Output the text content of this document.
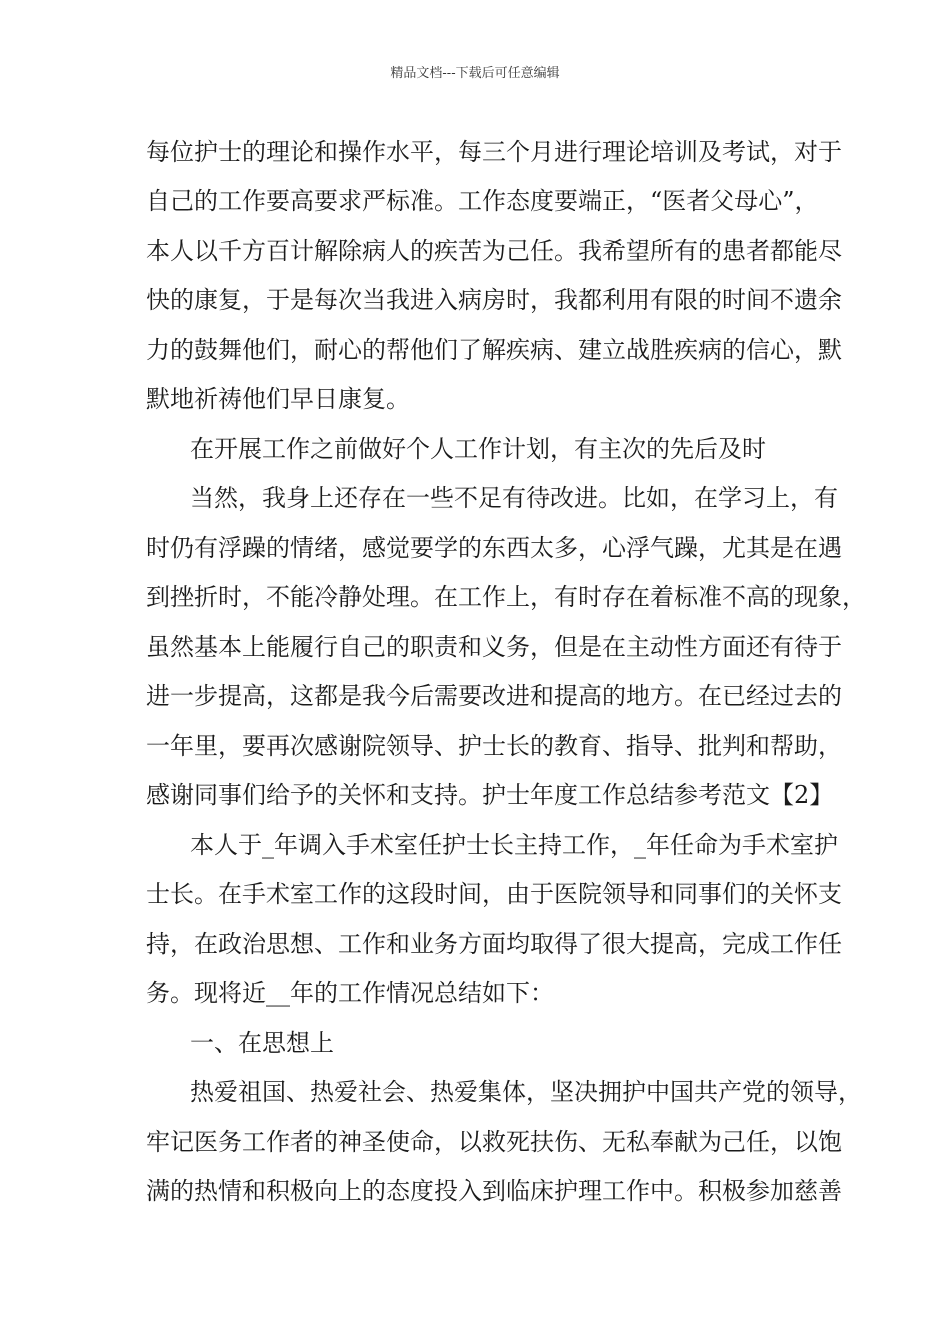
精品文档---下载后可任意编辑
每位护士的理论和操作水平，每三个月进行理论培训及考试，对于
自己的工作要高要求严标准。工作态度要端正，“医者父母心”，
本人以千方百计解除病人的疾苦为己任。我希望所有的患者都能尽
快的康复，于是每次当我进入病房时，我都利用有限的时间不遗余
力的鼓舞他们，耐心的帮他们了解疾病、建立战胜疾病的信心，默
默地祈祷他们早日康复。
在开展工作之前做好个人工作计划，有主次的先后及时
当然，我身上还存在一些不足有待改进。比如，在学习上，有
时仍有浮躁的情绪，感觉要学的东西太多，心浮气躁，尤其是在遇
到挫折时，不能冷静处理。在工作上，有时存在着标准不高的现象，
虽然基本上能履行自己的职责和义务，但是在主动性方面还有待于
进一步提高，这都是我今后需要改进和提高的地方。在已经过去的
一年里，要再次感谢院领导、护士长的教育、指导、批判和帮助，
感谢同事们给予的关怀和支持。护士年度工作总结参考范文【2】
本人于_年调入手术室任护士长主持工作，_年任命为手术室护
士长。在手术室工作的这段时间，由于医院领导和同事们的关怀支
持，在政治思想、工作和业务方面均取得了很大提高，完成工作任
务。现将近__年的工作情况总结如下：
一、在思想上
热爱祖国、热爱社会、热爱集体，坚决拥护中国共产党的领导，
牢记医务工作者的神圣使命，以救死扶伤、无私奉献为己任，以饱
满的热情和积极向上的态度投入到临床护理工作中。积极参加慈善
